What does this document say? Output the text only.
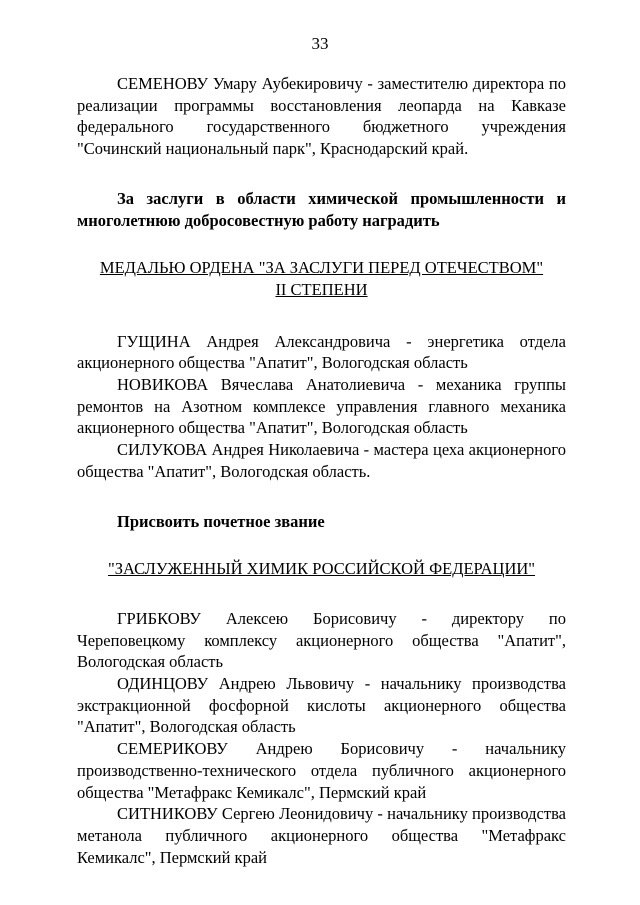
33

СЕМЕНОВУ Умару Аубекировичу - заместителю директора по реализации программы восстановления леопарда на Кавказе федерального государственного бюджетного учреждения "Сочинский национальный парк", Краснодарский край.

За заслуги в области химической промышленности и многолетнюю добросовестную работу наградить

МЕДАЛЬЮ ОРДЕНА "ЗА ЗАСЛУГИ ПЕРЕД ОТЕЧЕСТВОМ"
II СТЕПЕНИ

ГУЩИНА Андрея Александровича - энергетика отдела акционерного общества "Апатит", Вологодская область

НОВИКОВА Вячеслава Анатолиевича - механика группы ремонтов на Азотном комплексе управления главного механика акционерного общества "Апатит", Вологодская область

СИЛУКОВА Андрея Николаевича - мастера цеха акционерного общества "Апатит", Вологодская область.

Присвоить почетное звание

"ЗАСЛУЖЕННЫЙ ХИМИК РОССИЙСКОЙ ФЕДЕРАЦИИ"

ГРИБКОВУ Алексею Борисовичу - директору по Череповецкому комплексу акционерного общества "Апатит", Вологодская область

ОДИНЦОВУ Андрею Львовичу - начальнику производства экстракционной фосфорной кислоты акционерного общества "Апатит", Вологодская область

СЕМЕРИКОВУ Андрею Борисовичу - начальнику производственно-технического отдела публичного акционерного общества "Метафракс Кемикалс", Пермский край

СИТНИКОВУ Сергею Леонидовичу - начальнику производства метанола публичного акционерного общества "Метафракс Кемикалс", Пермский край
